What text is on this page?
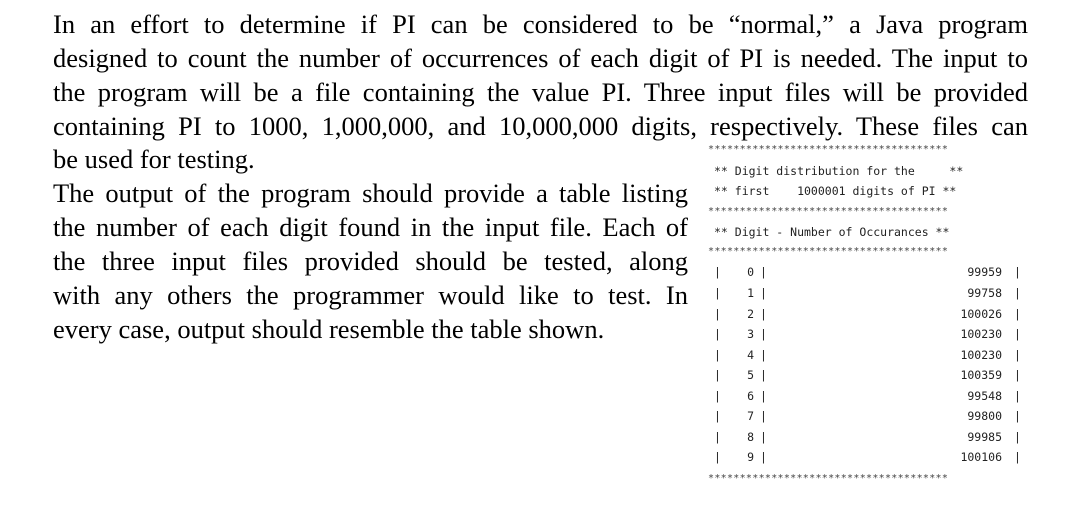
In an effort to determine if PI can be considered to be “normal,” a Java program
designed to count the number of occurrences of each digit of PI is needed. The input to
the program will be a file containing the value PI. Three input files will be provided
containing PI to 1000, 1,000,000, and 10,000,000 digits, respectively. These files can
be used for testing.
The output of the program should provide a table listing
the number of each digit found in the input file. Each of
the three input files provided should be tested, along
with any others the programmer would like to test. In
every case, output should resemble the table shown.
**************************************
** Digit distribution for the     **
** first    1000001 digits of PI **
**************************************
** Digit - Number of Occurances **
**************************************
|	0 |	99959 |
|	1 |	99758 |
|	2 |	100026 |
|	3 |	100230 |
|	4 |	100230 |
|	5 |	100359 |
|	6 |	99548 |
|	7 |	99800 |
|	8 |	99985 |
|	9 |	100106 |
**************************************
